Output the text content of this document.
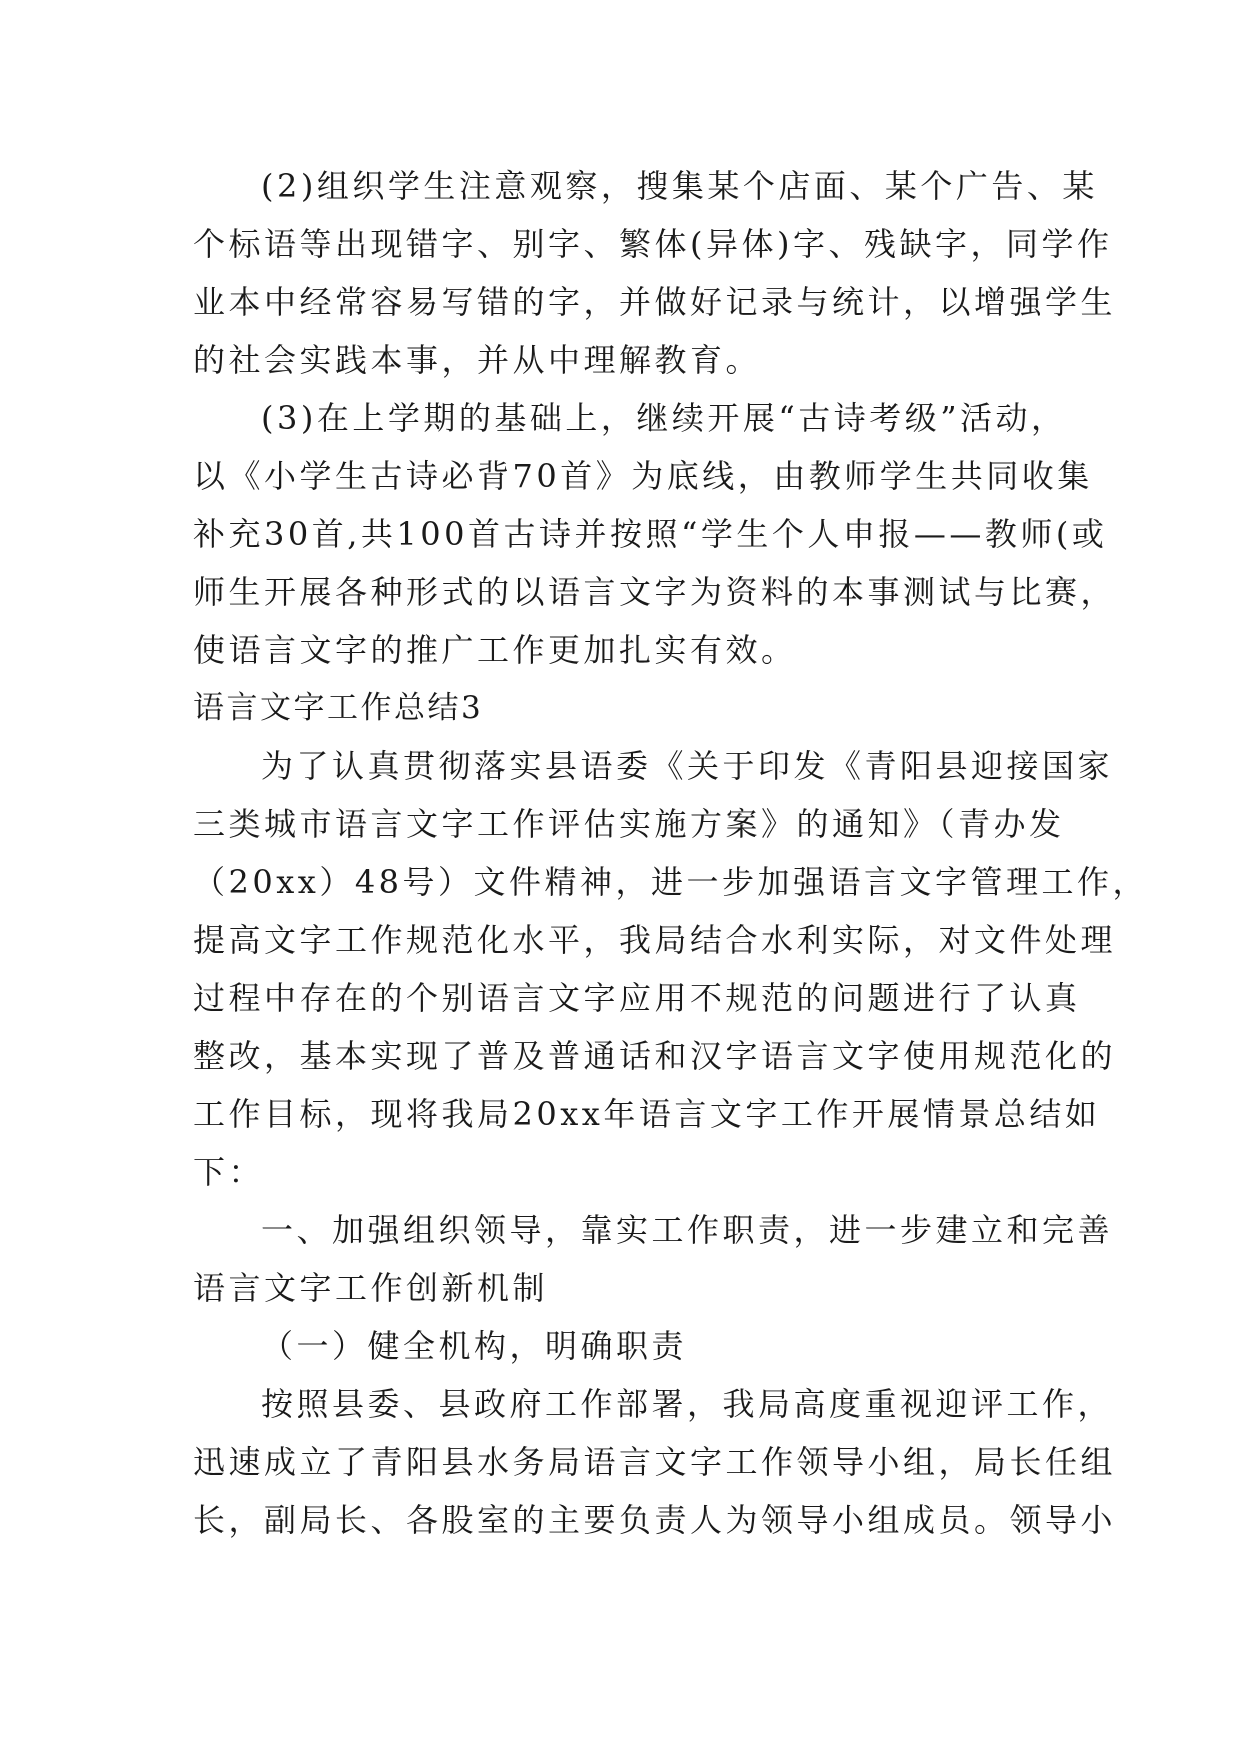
(2)组织学生注意观察，搜集某个店面、某个广告、某
个标语等出现错字、别字、繁体(异体)字、残缺字，同学作
业本中经常容易写错的字，并做好记录与统计，以增强学生
的社会实践本事，并从中理解教育。
(3)在上学期的基础上，继续开展“古诗考级”活动，
以《小学生古诗必背70首》为底线，由教师学生共同收集
补充30首,共100首古诗并按照“学生个人申报——教师(或
师生开展各种形式的以语言文字为资料的本事测试与比赛，
使语言文字的推广工作更加扎实有效。
语言文字工作总结3
为了认真贯彻落实县语委《关于印发《青阳县迎接国家
三类城市语言文字工作评估实施方案》的通知》（青办发
（20xx）48号）文件精神，进一步加强语言文字管理工作，
提高文字工作规范化水平，我局结合水利实际，对文件处理
过程中存在的个别语言文字应用不规范的问题进行了认真
整改，基本实现了普及普通话和汉字语言文字使用规范化的
工作目标，现将我局20xx年语言文字工作开展情景总结如
下：
一、加强组织领导，靠实工作职责，进一步建立和完善
语言文字工作创新机制
（一）健全机构，明确职责
按照县委、县政府工作部署，我局高度重视迎评工作，
迅速成立了青阳县水务局语言文字工作领导小组，局长任组
长，副局长、各股室的主要负责人为领导小组成员。领导小
